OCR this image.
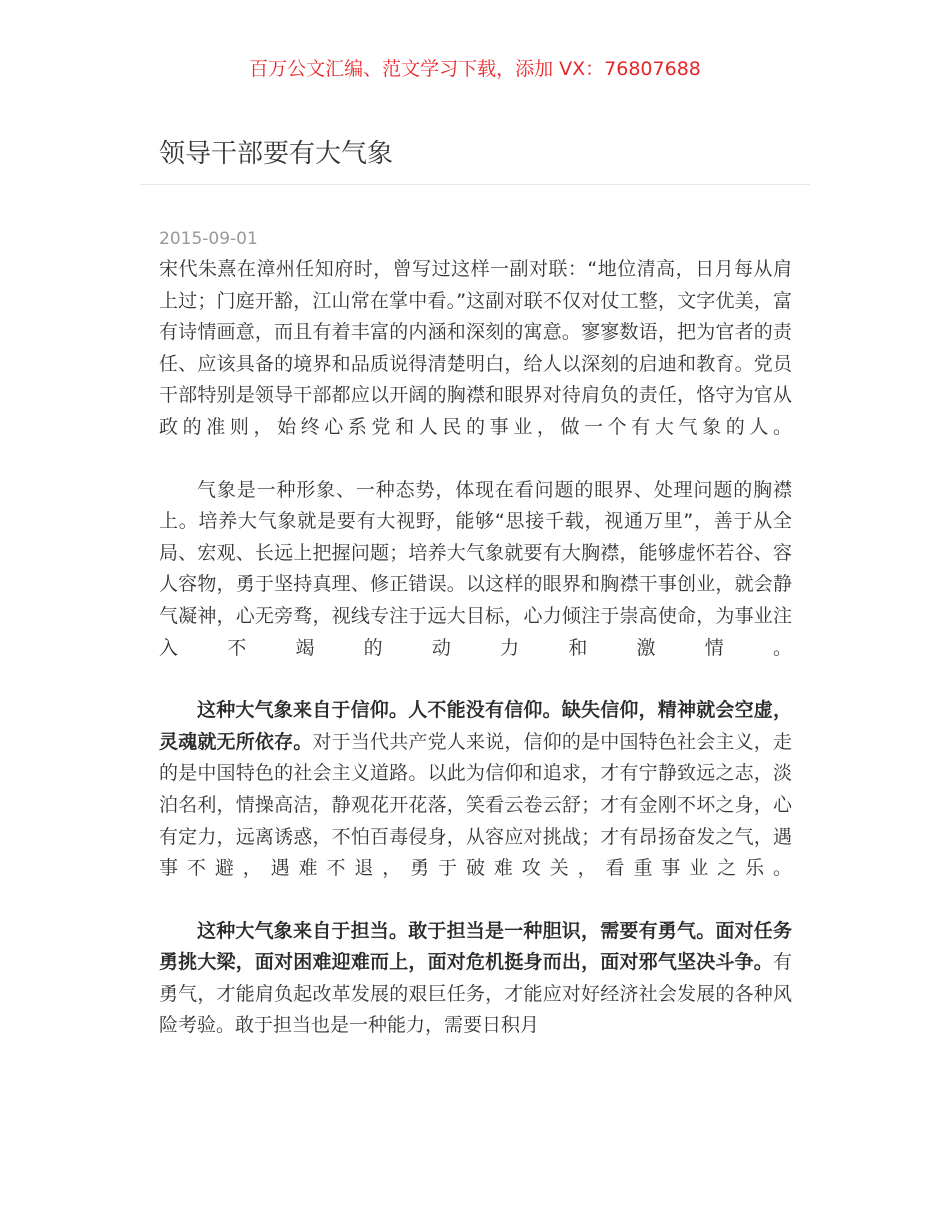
百万公文汇编、范文学习下载，添加 VX：76807688
领导干部要有大气象
2015-09-01

宋代朱熹在漳州任知府时，曾写过这样一副对联：“地位清高，日月每从肩上过；门庭开豁，江山常在掌中看。”这副对联不仅对仗工整，文字优美，富有诗情画意，而且有着丰富的内涵和深刻的寓意。寥寥数语，把为官者的责任、应该具备的境界和品质说得清楚明白，给人以深刻的启迪和教育。党员干部特别是领导干部都应以开阔的胸襟和眼界对待肩负的责任，恪守为官从政的准则，始终心系党和人民的事业，做一个有大气象的人。

气象是一种形象、一种态势，体现在看问题的眼界、处理问题的胸襟上。培养大气象就是要有大视野，能够“思接千载，视通万里”，善于从全局、宏观、长远上把握问题；培养大气象就要有大胸襟，能够虚怀若谷、容人容物，勇于坚持真理、修正错误。以这样的眼界和胸襟干事创业，就会静气凝神，心无旁骛，视线专注于远大目标，心力倾注于崇高使命，为事业注入不竭的动力和激情。

这种大气象来自于信仰。人不能没有信仰。缺失信仰，精神就会空虚，灵魂就无所依存。对于当代共产党人来说，信仰的是中国特色社会主义，走的是中国特色的社会主义道路。以此为信仰和追求，才有宁静致远之志，淡泊名利，情操高洁，静观花开花落，笑看云卷云舒；才有金刚不坏之身，心有定力，远离诱惑，不怕百毒侵身，从容应对挑战；才有昂扬奋发之气，遇事不避，遇难不退，勇于破难攻关，看重事业之乐。

这种大气象来自于担当。敢于担当是一种胆识，需要有勇气。面对任务勇挑大梁，面对困难迎难而上，面对危机挺身而出，面对邪气坚决斗争。有勇气，才能肩负起改革发展的艰巨任务，才能应对好经济社会发展的各种风险考验。敢于担当也是一种能力，需要日积月
